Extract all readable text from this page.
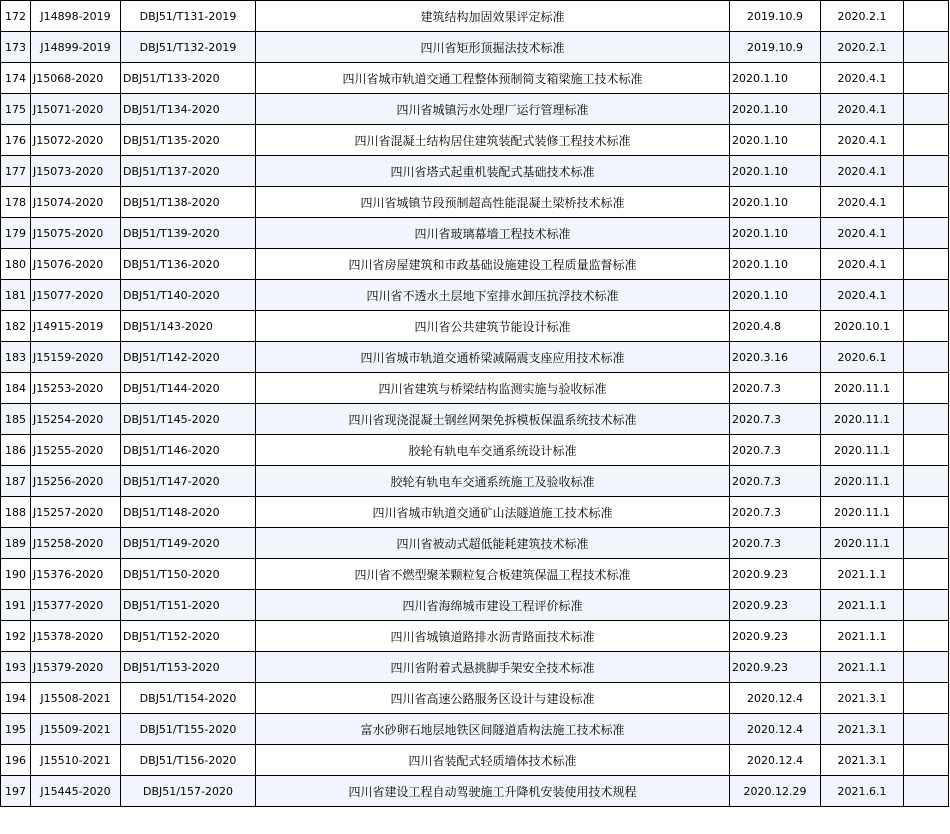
172	J14898-2019	DBJ51/T131-2019	建筑结构加固效果评定标准	2019.10.9	2020.2.1	
173	J14899-2019	DBJ51/T132-2019	四川省矩形顶掘法技术标准	2019.10.9	2020.2.1	
174	J15068-2020	DBJ51/T133-2020	四川省城市轨道交通工程整体预制简支箱梁施工技术标准	2020.1.10	2020.4.1	
175	J15071-2020	DBJ51/T134-2020	四川省城镇污水处理厂运行管理标准	2020.1.10	2020.4.1	
176	J15072-2020	DBJ51/T135-2020	四川省混凝土结构居住建筑装配式装修工程技术标准	2020.1.10	2020.4.1	
177	J15073-2020	DBJ51/T137-2020	四川省塔式起重机装配式基础技术标准	2020.1.10	2020.4.1	
178	J15074-2020	DBJ51/T138-2020	四川省城镇节段预制超高性能混凝土梁桥技术标准	2020.1.10	2020.4.1	
179	J15075-2020	DBJ51/T139-2020	四川省玻璃幕墙工程技术标准	2020.1.10	2020.4.1	
180	J15076-2020	DBJ51/T136-2020	四川省房屋建筑和市政基础设施建设工程质量监督标准	2020.1.10	2020.4.1	
181	J15077-2020	DBJ51/T140-2020	四川省不透水土层地下室排水卸压抗浮技术标准	2020.1.10	2020.4.1	
182	J14915-2019	DBJ51/143-2020	四川省公共建筑节能设计标准	2020.4.8	2020.10.1	
183	J15159-2020	DBJ51/T142-2020	四川省城市轨道交通桥梁减隔震支座应用技术标准	2020.3.16	2020.6.1	
184	J15253-2020	DBJ51/T144-2020	四川省建筑与桥梁结构监测实施与验收标准	2020.7.3	2020.11.1	
185	J15254-2020	DBJ51/T145-2020	四川省现浇混凝土钢丝网架免拆模板保温系统技术标准	2020.7.3	2020.11.1	
186	J15255-2020	DBJ51/T146-2020	胶轮有轨电车交通系统设计标准	2020.7.3	2020.11.1	
187	J15256-2020	DBJ51/T147-2020	胶轮有轨电车交通系统施工及验收标准	2020.7.3	2020.11.1	
188	J15257-2020	DBJ51/T148-2020	四川省城市轨道交通矿山法隧道施工技术标准	2020.7.3	2020.11.1	
189	J15258-2020	DBJ51/T149-2020	四川省被动式超低能耗建筑技术标准	2020.7.3	2020.11.1	
190	J15376-2020	DBJ51/T150-2020	四川省不燃型聚苯颗粒复合板建筑保温工程技术标准	2020.9.23	2021.1.1	
191	J15377-2020	DBJ51/T151-2020	四川省海绵城市建设工程评价标准	2020.9.23	2021.1.1	
192	J15378-2020	DBJ51/T152-2020	四川省城镇道路排水沥青路面技术标准	2020.9.23	2021.1.1	
193	J15379-2020	DBJ51/T153-2020	四川省附着式悬挑脚手架安全技术标准	2020.9.23	2021.1.1	
194	J15508-2021	DBJ51/T154-2020	四川省高速公路服务区设计与建设标准	2020.12.4	2021.3.1	
195	J15509-2021	DBJ51/T155-2020	富水砂卵石地层地铁区间隧道盾构法施工技术标准	2020.12.4	2021.3.1	
196	J15510-2021	DBJ51/T156-2020	四川省装配式轻质墙体技术标准	2020.12.4	2021.3.1	
197	J15445-2020	DBJ51/157-2020	四川省建设工程自动驾驶施工升降机安装使用技术规程	2020.12.29	2021.6.1	
